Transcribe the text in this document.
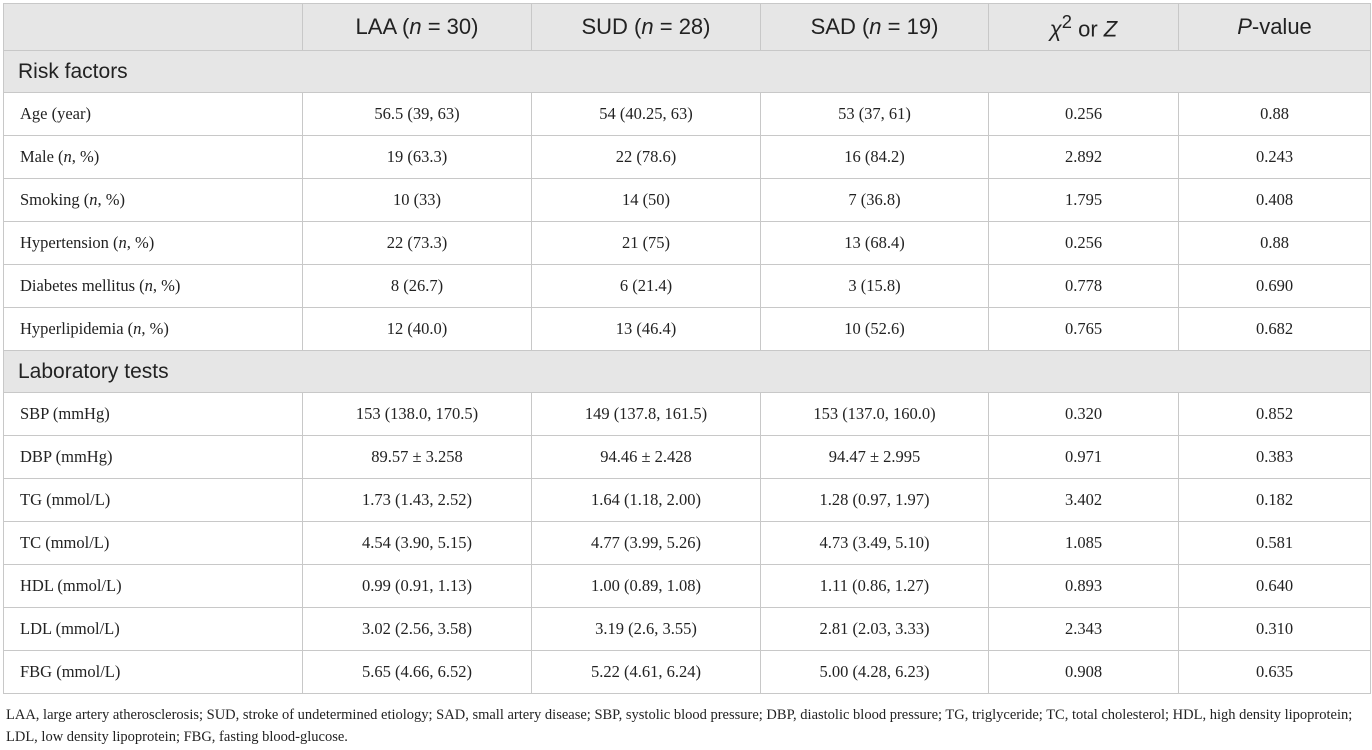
	LAA (n = 30)	SUD (n = 28)	SAD (n = 19)	$\chi^2$ or Z	P-value
Risk factors					
Age (year)	56.5 (39, 63)	54 (40.25, 63)	53 (37, 61)	0.256	0.88
Male (n, %)	19 (63.3)	22 (78.6)	16 (84.2)	2.892	0.243
Smoking (n, %)	10 (33)	14 (50)	7 (36.8)	1.795	0.408
Hypertension (n, %)	22 (73.3)	21 (75)	13 (68.4)	0.256	0.88
Diabetes mellitus (n, %)	8 (26.7)	6 (21.4)	3 (15.8)	0.778	0.690
Hyperlipidemia (n, %)	12 (40.0)	13 (46.4)	10 (52.6)	0.765	0.682
Laboratory tests					
SBP (mmHg)	153 (138.0, 170.5)	149 (137.8, 161.5)	153 (137.0, 160.0)	0.320	0.852
DBP (mmHg)	89.57 ± 3.258	94.46 ± 2.428	94.47 ± 2.995	0.971	0.383
TG (mmol/L)	1.73 (1.43, 2.52)	1.64 (1.18, 2.00)	1.28 (0.97, 1.97)	3.402	0.182
TC (mmol/L)	4.54 (3.90, 5.15)	4.77 (3.99, 5.26)	4.73 (3.49, 5.10)	1.085	0.581
HDL (mmol/L)	0.99 (0.91, 1.13)	1.00 (0.89, 1.08)	1.11 (0.86, 1.27)	0.893	0.640
LDL (mmol/L)	3.02 (2.56, 3.58)	3.19 (2.6, 3.55)	2.81 (2.03, 3.33)	2.343	0.310
FBG (mmol/L)	5.65 (4.66, 6.52)	5.22 (4.61, 6.24)	5.00 (4.28, 6.23)	0.908	0.635
LAA, large artery atherosclerosis; SUD, stroke of undetermined etiology; SAD, small artery disease; SBP, systolic blood pressure; DBP, diastolic blood pressure; TG, triglyceride; TC, total cholesterol; HDL, high density lipoprotein; LDL, low density lipoprotein; FBG, fasting blood-glucose.
